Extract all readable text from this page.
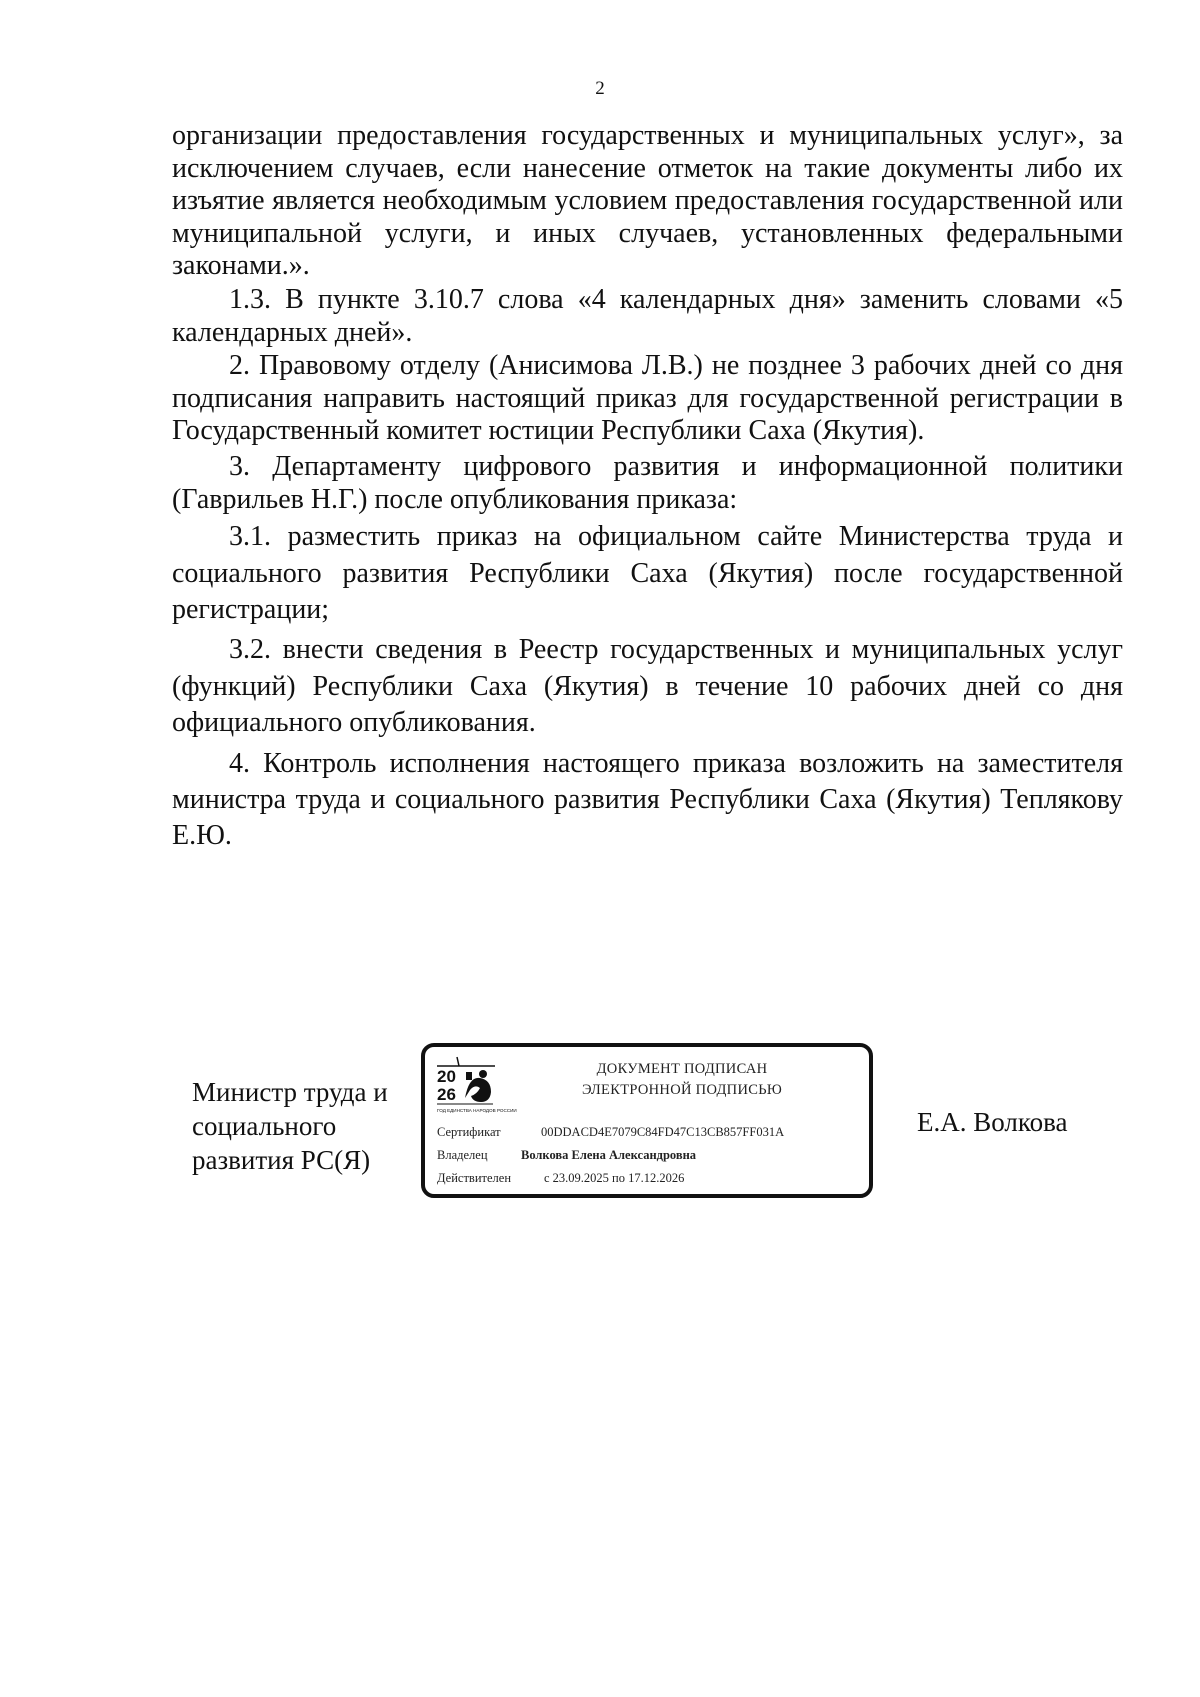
2

организации предоставления государственных и муниципальных услуг», за исключением случаев, если нанесение отметок на такие документы либо их изъятие является необходимым условием предоставления государственной или муниципальной услуги, и иных случаев, установленных федеральными законами.».

1.3. В пункте 3.10.7 слова «4 календарных дня» заменить словами «5 календарных дней».

2. Правовому отделу (Анисимова Л.В.) не позднее 3 рабочих дней со дня подписания направить настоящий приказ для государственной регистрации в Государственный комитет юстиции Республики Саха (Якутия).

3. Департаменту цифрового развития и информационной политики (Гаврильев Н.Г.) после опубликования приказа:

3.1. разместить приказ на официальном сайте Министерства труда и социального развития Республики Саха (Якутия) после государственной регистрации;

3.2. внести сведения в Реестр государственных и муниципальных услуг (функций) Республики Саха (Якутия) в течение 10 рабочих дней со дня официального опубликования.

4. Контроль исполнения настоящего приказа возложить на заместителя министра труда и социального развития Республики Саха (Якутия) Теплякову Е.Ю.

Министр труда и
социального
развития РС(Я)
20
26
ГОД ЕДИНСТВА НАРОДОВ РОССИИ
ДОКУМЕНТ ПОДПИСАН
ЭЛЕКТРОННОЙ ПОДПИСЬЮ
Сертификат	00DDACD4E7079C84FD47C13CB857FF031A
Владелец	Волкова Елена Александровна
Действителен	с 23.09.2025 по 17.12.2026
Е.А. Волкова
